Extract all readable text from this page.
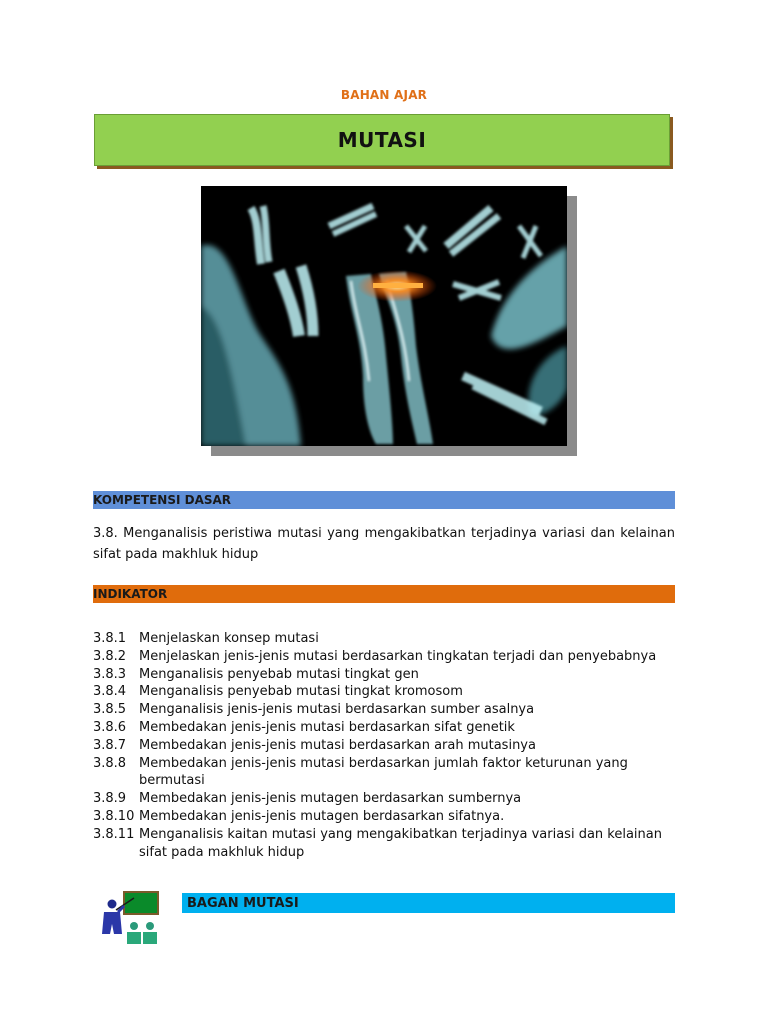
BAHAN AJAR
MUTASI
KOMPETENSI DASAR
3.8. Menganalisis peristiwa mutasi yang mengakibatkan terjadinya variasi dan kelainan sifat pada makhluk hidup
INDIKATOR
3.8.1 Menjelaskan konsep mutasi
3.8.2 Menjelaskan jenis-jenis mutasi berdasarkan tingkatan terjadi dan penyebabnya
3.8.3 Menganalisis penyebab mutasi tingkat gen
3.8.4 Menganalisis penyebab mutasi tingkat kromosom
3.8.5 Menganalisis jenis-jenis mutasi berdasarkan sumber asalnya
3.8.6 Membedakan jenis-jenis mutasi berdasarkan sifat genetik
3.8.7 Membedakan jenis-jenis mutasi berdasarkan arah mutasinya
3.8.8 Membedakan jenis-jenis mutasi berdasarkan jumlah faktor keturunan yang bermutasi
3.8.9 Membedakan jenis-jenis mutagen berdasarkan sumbernya
3.8.10 Membedakan jenis-jenis mutagen berdasarkan sifatnya.
3.8.11 Menganalisis kaitan mutasi yang mengakibatkan terjadinya variasi dan kelainan sifat pada makhluk hidup
BAGAN MUTASI
